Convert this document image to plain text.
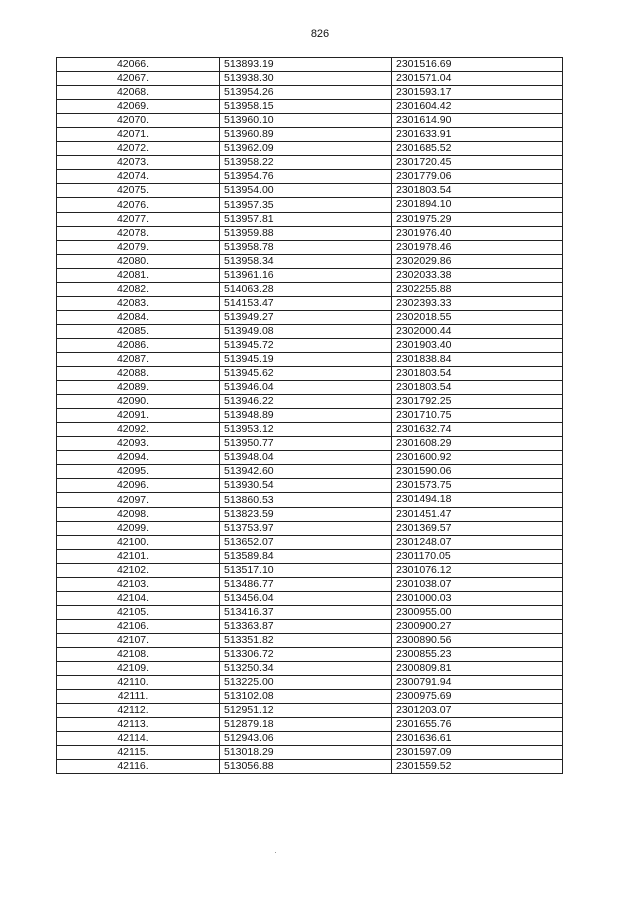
826
42066.	513893.19	2301516.69
42067.	513938.30	2301571.04
42068.	513954.26	2301593.17
42069.	513958.15	2301604.42
42070.	513960.10	2301614.90
42071.	513960.89	2301633.91
42072.	513962.09	2301685.52
42073.	513958.22	2301720.45
42074.	513954.76	2301779.06
42075.	513954.00	2301803.54
42076.	513957.35	2301894.10
42077.	513957.81	2301975.29
42078.	513959.88	2301976.40
42079.	513958.78	2301978.46
42080.	513958.34	2302029.86
42081.	513961.16	2302033.38
42082.	514063.28	2302255.88
42083.	514153.47	2302393.33
42084.	513949.27	2302018.55
42085.	513949.08	2302000.44
42086.	513945.72	2301903.40
42087.	513945.19	2301838.84
42088.	513945.62	2301803.54
42089.	513946.04	2301803.54
42090.	513946.22	2301792.25
42091.	513948.89	2301710.75
42092.	513953.12	2301632.74
42093.	513950.77	2301608.29
42094.	513948.04	2301600.92
42095.	513942.60	2301590.06
42096.	513930.54	2301573.75
42097.	513860.53	2301494.18
42098.	513823.59	2301451.47
42099.	513753.97	2301369.57
42100.	513652.07	2301248.07
42101.	513589.84	2301170.05
42102.	513517.10	2301076.12
42103.	513486.77	2301038.07
42104.	513456.04	2301000.03
42105.	513416.37	2300955.00
42106.	513363.87	2300900.27
42107.	513351.82	2300890.56
42108.	513306.72	2300855.23
42109.	513250.34	2300809.81
42110.	513225.00	2300791.94
42111.	513102.08	2300975.69
42112.	512951.12	2301203.07
42113.	512879.18	2301655.76
42114.	512943.06	2301636.61
42115.	513018.29	2301597.09
42116.	513056.88	2301559.52
